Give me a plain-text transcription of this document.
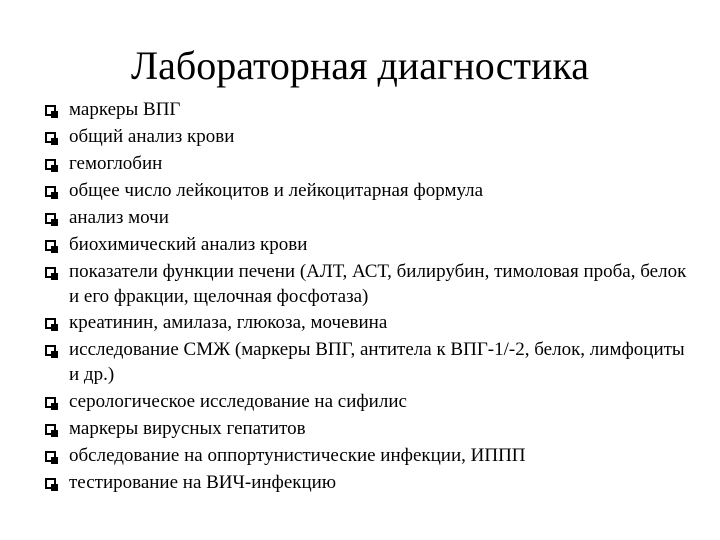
Лабораторная диагностика
маркеры ВПГ
общий анализ крови
гемоглобин
общее число лейкоцитов и лейкоцитарная формула
анализ мочи
биохимический анализ крови
показатели функции печени (АЛТ, АСТ, билирубин, тимоловая проба, белок и его фракции, щелочная фосфотаза)
креатинин, амилаза, глюкоза, мочевина
исследование СМЖ (маркеры ВПГ, антитела к ВПГ-1/-2, белок, лимфоциты и др.)
серологическое исследование на сифилис
маркеры вирусных гепатитов
обследование на оппортунистические инфекции, ИППП
тестирование на ВИЧ-инфекцию
